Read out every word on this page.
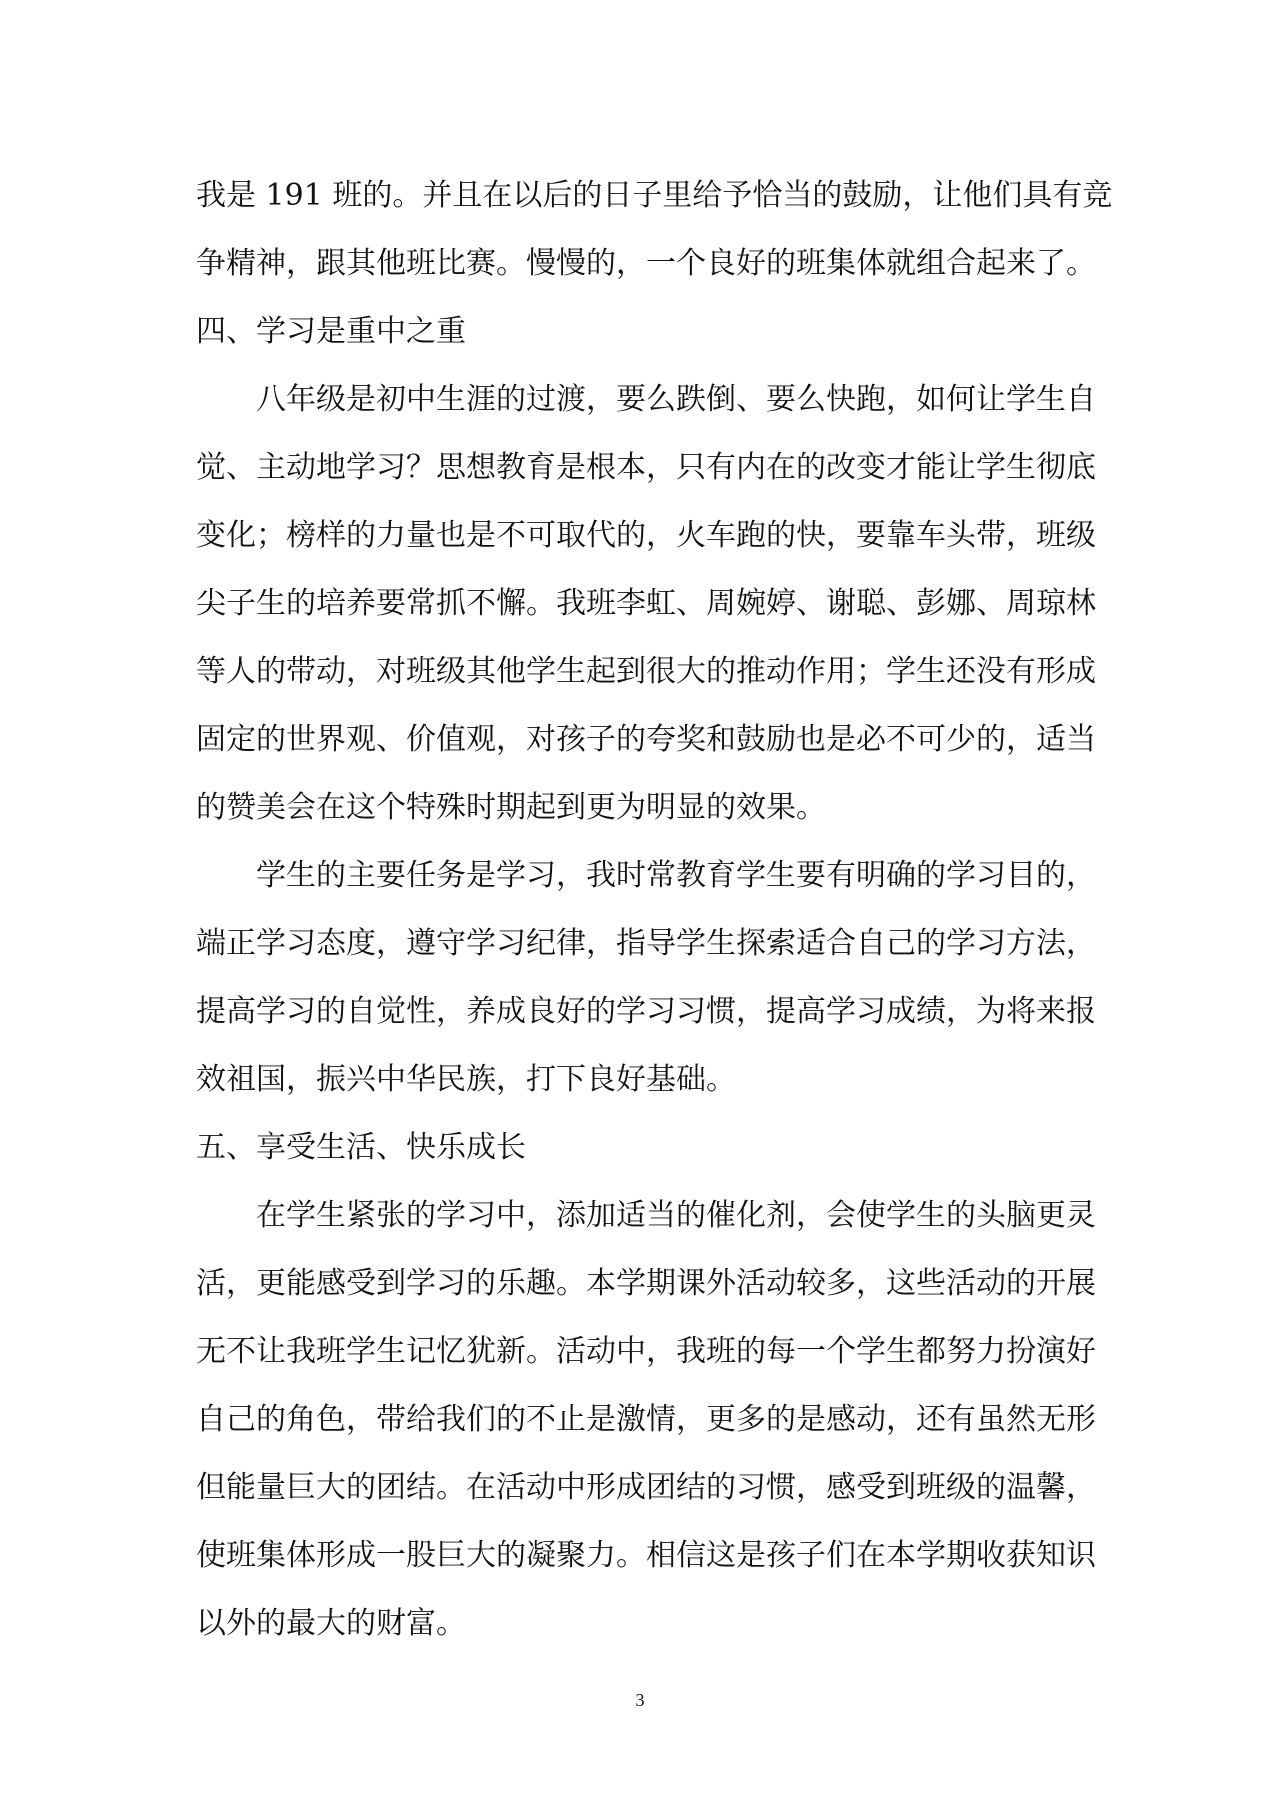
我是 191 班的。并且在以后的日子里给予恰当的鼓励，让他们具有竞
争精神，跟其他班比赛。慢慢的，一个良好的班集体就组合起来了。
四、学习是重中之重
八年级是初中生涯的过渡，要么跌倒、要么快跑，如何让学生自
觉、主动地学习？思想教育是根本，只有内在的改变才能让学生彻底
变化；榜样的力量也是不可取代的，火车跑的快，要靠车头带，班级
尖子生的培养要常抓不懈。我班李虹、周婉婷、谢聪、彭娜、周琼林
等人的带动，对班级其他学生起到很大的推动作用；学生还没有形成
固定的世界观、价值观，对孩子的夸奖和鼓励也是必不可少的，适当
的赞美会在这个特殊时期起到更为明显的效果。
学生的主要任务是学习，我时常教育学生要有明确的学习目的，
端正学习态度，遵守学习纪律，指导学生探索适合自己的学习方法，
提高学习的自觉性，养成良好的学习习惯，提高学习成绩，为将来报
效祖国，振兴中华民族，打下良好基础。
五、享受生活、快乐成长
在学生紧张的学习中，添加适当的催化剂，会使学生的头脑更灵
活，更能感受到学习的乐趣。本学期课外活动较多，这些活动的开展
无不让我班学生记忆犹新。活动中，我班的每一个学生都努力扮演好
自己的角色，带给我们的不止是激情，更多的是感动，还有虽然无形
但能量巨大的团结。在活动中形成团结的习惯，感受到班级的温馨，
使班集体形成一股巨大的凝聚力。相信这是孩子们在本学期收获知识
以外的最大的财富。
3
